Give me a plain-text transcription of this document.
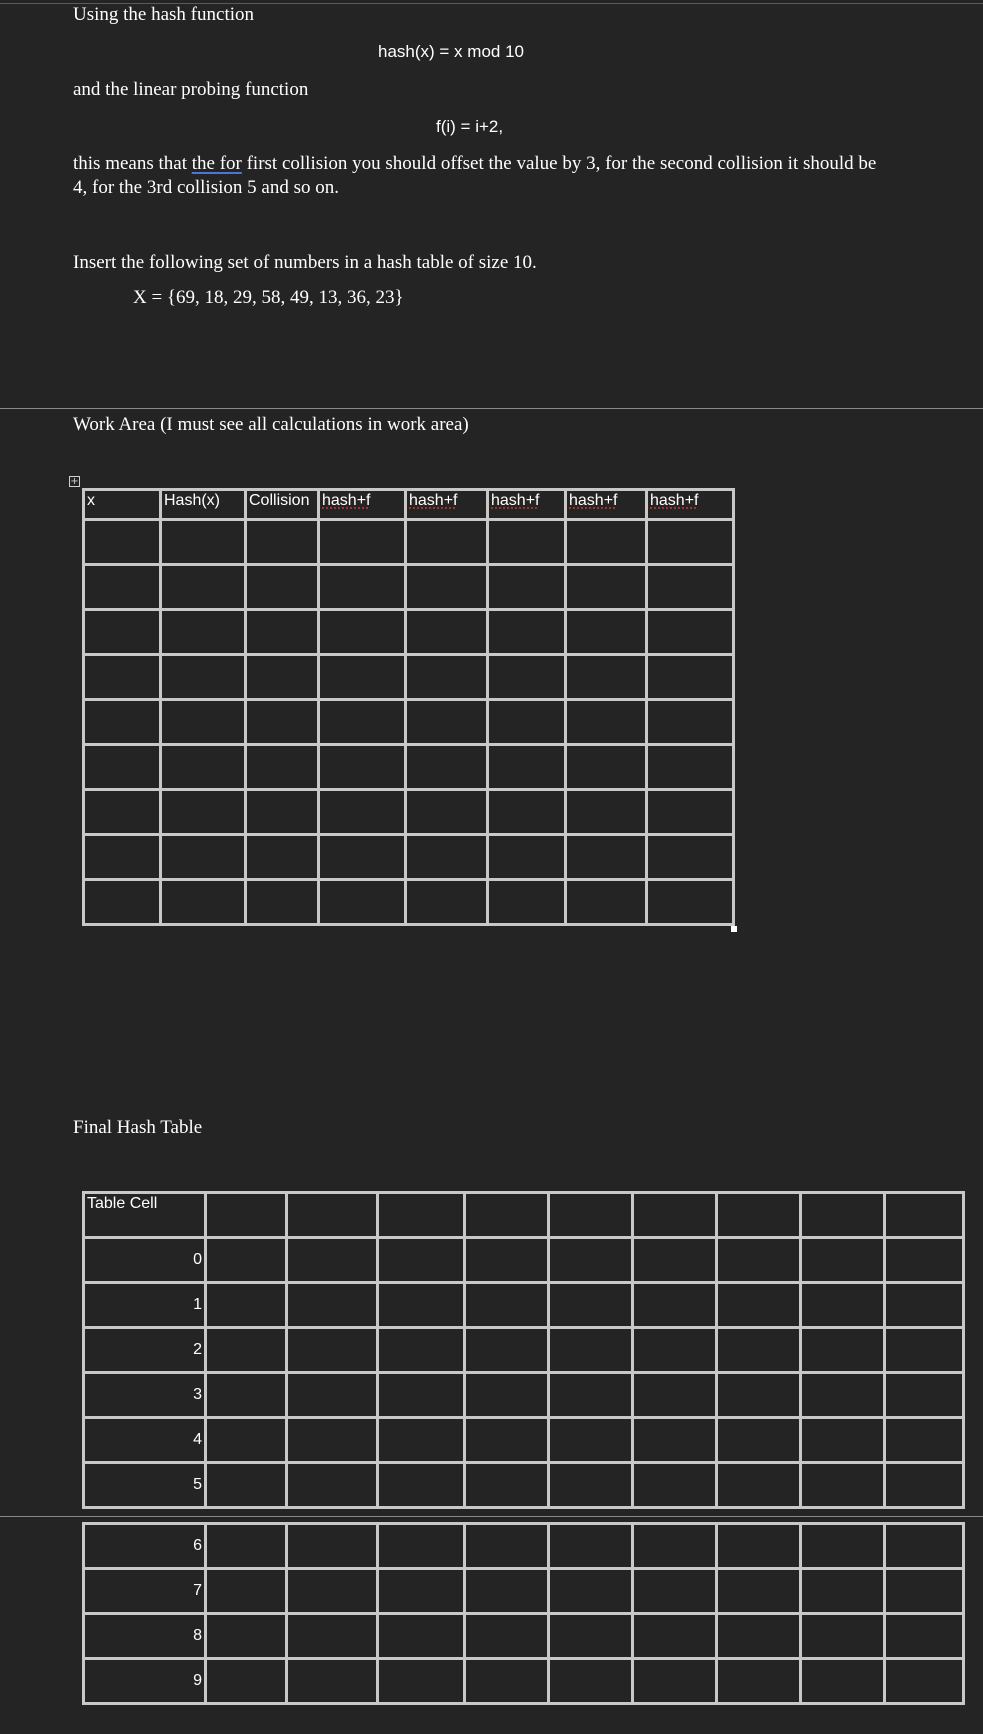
Using the hash function
hash(x) = x mod 10
and the linear probing function
f(i) = i+2,
this means that the for first collision you should offset the value by 3, for the second collision it should be
4, for the 3rd collision 5 and so on.
Insert the following set of numbers in a hash table of size 10.
X = {69, 18, 29, 58, 49, 13, 36, 23}
Work Area (I must see all calculations in work area)
+
x	Hash(x)	Collision	hash+f	hash+f	hash+f	hash+f	hash+f

Final Hash Table
Table Cell									
0									
1									
2									
3									
4									
5									
6									
7									
8									
9									
